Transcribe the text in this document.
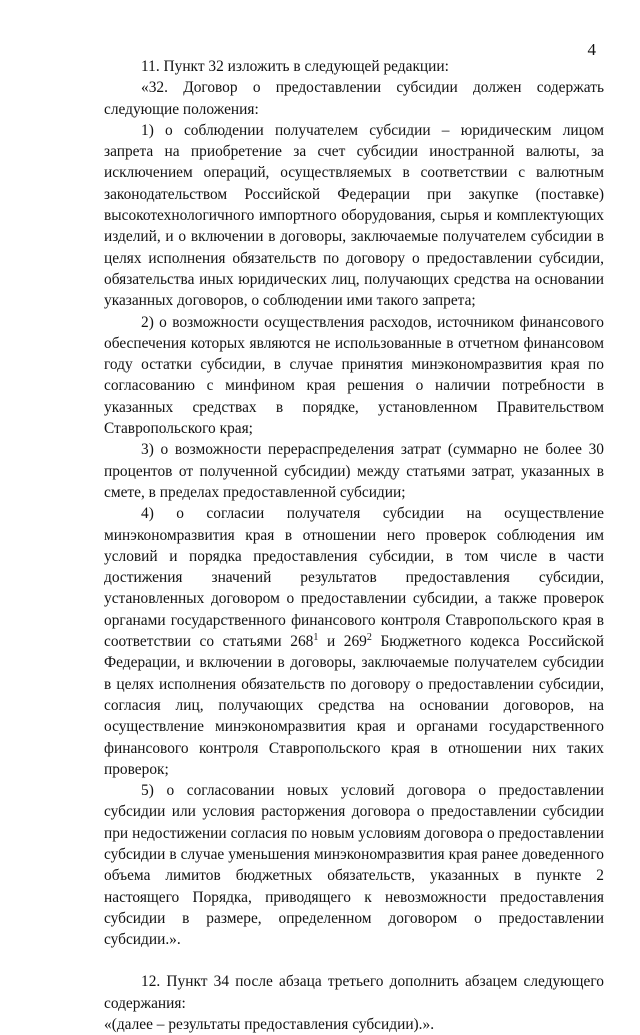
4

11. Пункт 32 изложить в следующей редакции:

«32. Договор о предоставлении субсидии должен содержать следующие положения:

1) о соблюдении получателем субсидии – юридическим лицом запрета на приобретение за счет субсидии иностранной валюты, за исключением операций, осуществляемых в соответствии с валютным законодательством Российской Федерации при закупке (поставке) высокотехнологичного импортного оборудования, сырья и комплектующих изделий, и о включении в договоры, заключаемые получателем субсидии в целях исполнения обязательств по договору о предоставлении субсидии, обязательства иных юридических лиц, получающих средства на основании указанных договоров, о соблюдении ими такого запрета;

2) о возможности осуществления расходов, источником финансового обеспечения которых являются не использованные в отчетном финансовом году остатки субсидии, в случае принятия минэкономразвития края по согласованию с минфином края решения о наличии потребности в указанных средствах в порядке, установленном Правительством Ставропольского края;

3) о возможности перераспределения затрат (суммарно не более 30 процентов от полученной субсидии) между статьями затрат, указанных в смете, в пределах предоставленной субсидии;

4) о согласии получателя субсидии на осуществление минэкономразвития края в отношении него проверок соблюдения им условий и порядка предоставления субсидии, в том числе в части достижения значений результатов предоставления субсидии, установленных договором о предоставлении субсидии, а также проверок органами государственного финансового контроля Ставропольского края в соответствии со статьями $268^1$ и $269^2$ Бюджетного кодекса Российской Федерации, и включении в договоры, заключаемые получателем субсидии в целях исполнения обязательств по договору о предоставлении субсидии, согласия лиц, получающих средства на основании договоров, на осуществление минэкономразвития края и органами государственного финансового контроля Ставропольского края в отношении них таких проверок;

5) о согласовании новых условий договора о предоставлении субсидии или условия расторжения договора о предоставлении субсидии при недостижении согласия по новым условиям договора о предоставлении субсидии в случае уменьшения минэкономразвития края ранее доведенного объема лимитов бюджетных обязательств, указанных в пункте 2 настоящего Порядка, приводящего к невозможности предоставления субсидии в размере, определенном договором о предоставлении субсидии.».

12. Пункт 34 после абзаца третьего дополнить абзацем следующего содержания:

«(далее – результаты предоставления субсидии).».
